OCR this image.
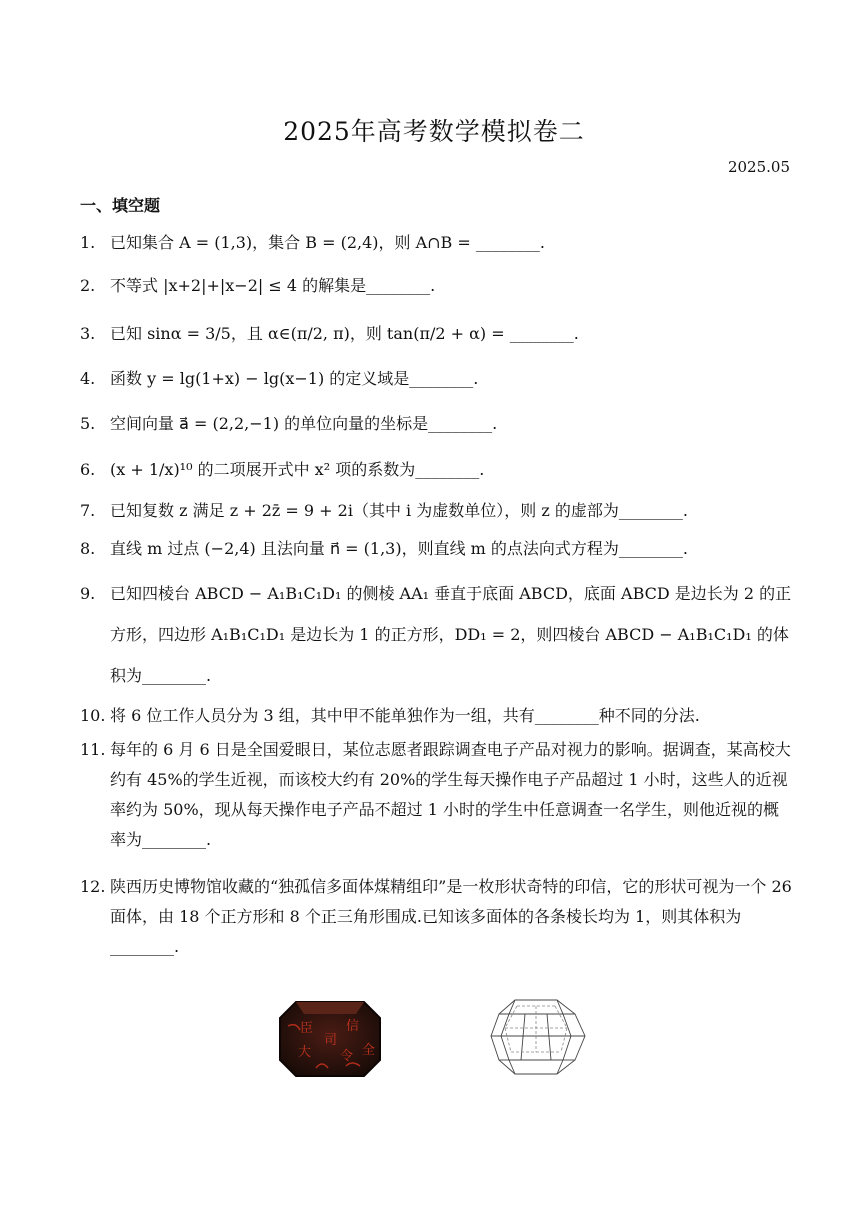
2025年高考数学模拟卷二
2025.05
一、填空题
1. 已知集合 A = (1,3)，集合 B = (2,4)，则 A∩B = ________.
2. 不等式 |x+2|+|x−2| ≤ 4 的解集是________.
3. 已知 sinα = 3/5，且 α∈(π/2, π)，则 tan(π/2 + α) = ________.
4. 函数 y = lg(1+x) − lg(x−1) 的定义域是________.
5. 空间向量 a⃗ = (2,2,−1) 的单位向量的坐标是________.
6. (x + 1/x)¹⁰ 的二项展开式中 x² 项的系数为________.
7. 已知复数 z 满足 z + 2z̄ = 9 + 2i（其中 i 为虚数单位），则 z 的虚部为________.
8. 直线 m 过点 (−2,4) 且法向量 n⃗ = (1,3)，则直线 m 的点法向式方程为________.
9. 已知四棱台 ABCD − A₁B₁C₁D₁ 的侧棱 AA₁ 垂直于底面 ABCD，底面 ABCD 是边长为 2 的正方形，四边形 A₁B₁C₁D₁ 是边长为 1 的正方形，DD₁ = 2，则四棱台 ABCD − A₁B₁C₁D₁ 的体积为________.
10. 将 6 位工作人员分为 3 组，其中甲不能单独作为一组，共有________种不同的分法.
11. 每年的 6 月 6 日是全国爱眼日，某位志愿者跟踪调查电子产品对视力的影响。据调查，某高校大约有 45%的学生近视，而该校大约有 20%的学生每天操作电子产品超过 1 小时，这些人的近视率约为 50%，现从每天操作电子产品不超过 1 小时的学生中任意调查一名学生，则他近视的概率为________.
12. 陕西历史博物馆收藏的“独孤信多面体煤精组印”是一枚形状奇特的印信，它的形状可视为一个 26 面体，由 18 个正方形和 8 个正三角形围成.已知该多面体的各条棱长均为 1，则其体积为________.
臣
大
司
信
令 全
